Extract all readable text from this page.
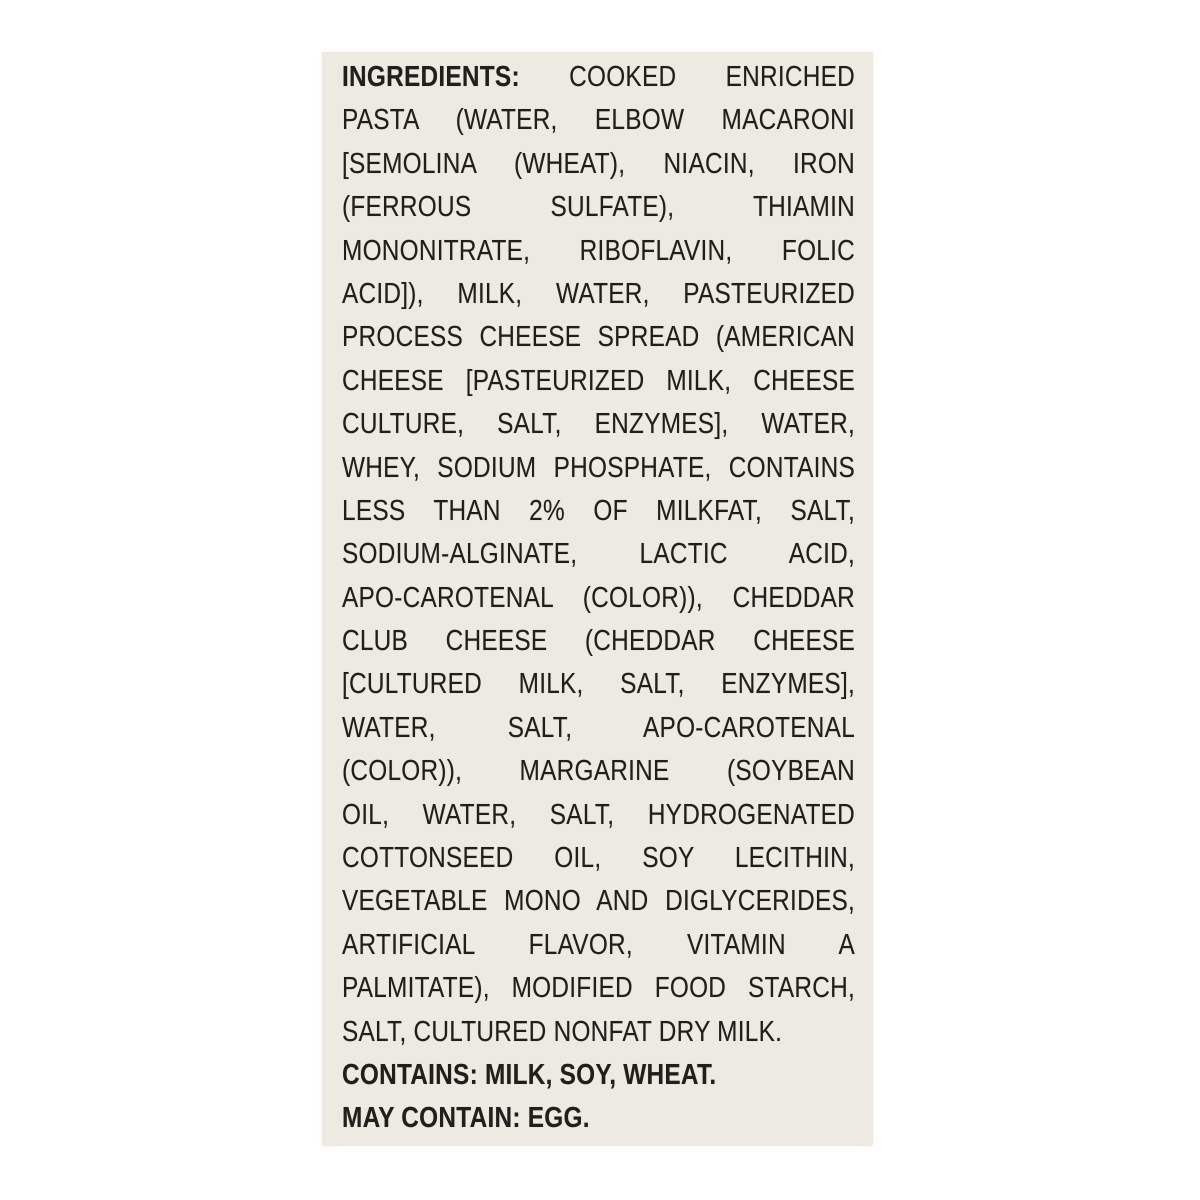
INGREDIENTS: COOKED ENRICHED
PASTA (WATER, ELBOW MACARONI
[SEMOLINA (WHEAT), NIACIN, IRON
(FERROUS SULFATE), THIAMIN
MONONITRATE, RIBOFLAVIN, FOLIC
ACID]), MILK, WATER, PASTEURIZED
PROCESS CHEESE SPREAD (AMERICAN
CHEESE [PASTEURIZED MILK, CHEESE
CULTURE, SALT, ENZYMES], WATER,
WHEY, SODIUM PHOSPHATE, CONTAINS
LESS THAN 2% OF MILKFAT, SALT,
SODIUM-ALGINATE, LACTIC ACID,
APO-CAROTENAL (COLOR)), CHEDDAR
CLUB CHEESE (CHEDDAR CHEESE
[CULTURED MILK, SALT, ENZYMES],
WATER, SALT, APO-CAROTENAL
(COLOR)), MARGARINE (SOYBEAN
OIL, WATER, SALT, HYDROGENATED
COTTONSEED OIL, SOY LECITHIN,
VEGETABLE MONO AND DIGLYCERIDES,
ARTIFICIAL FLAVOR, VITAMIN A
PALMITATE), MODIFIED FOOD STARCH,
SALT, CULTURED NONFAT DRY MILK.
CONTAINS: MILK, SOY, WHEAT.
MAY CONTAIN: EGG.
